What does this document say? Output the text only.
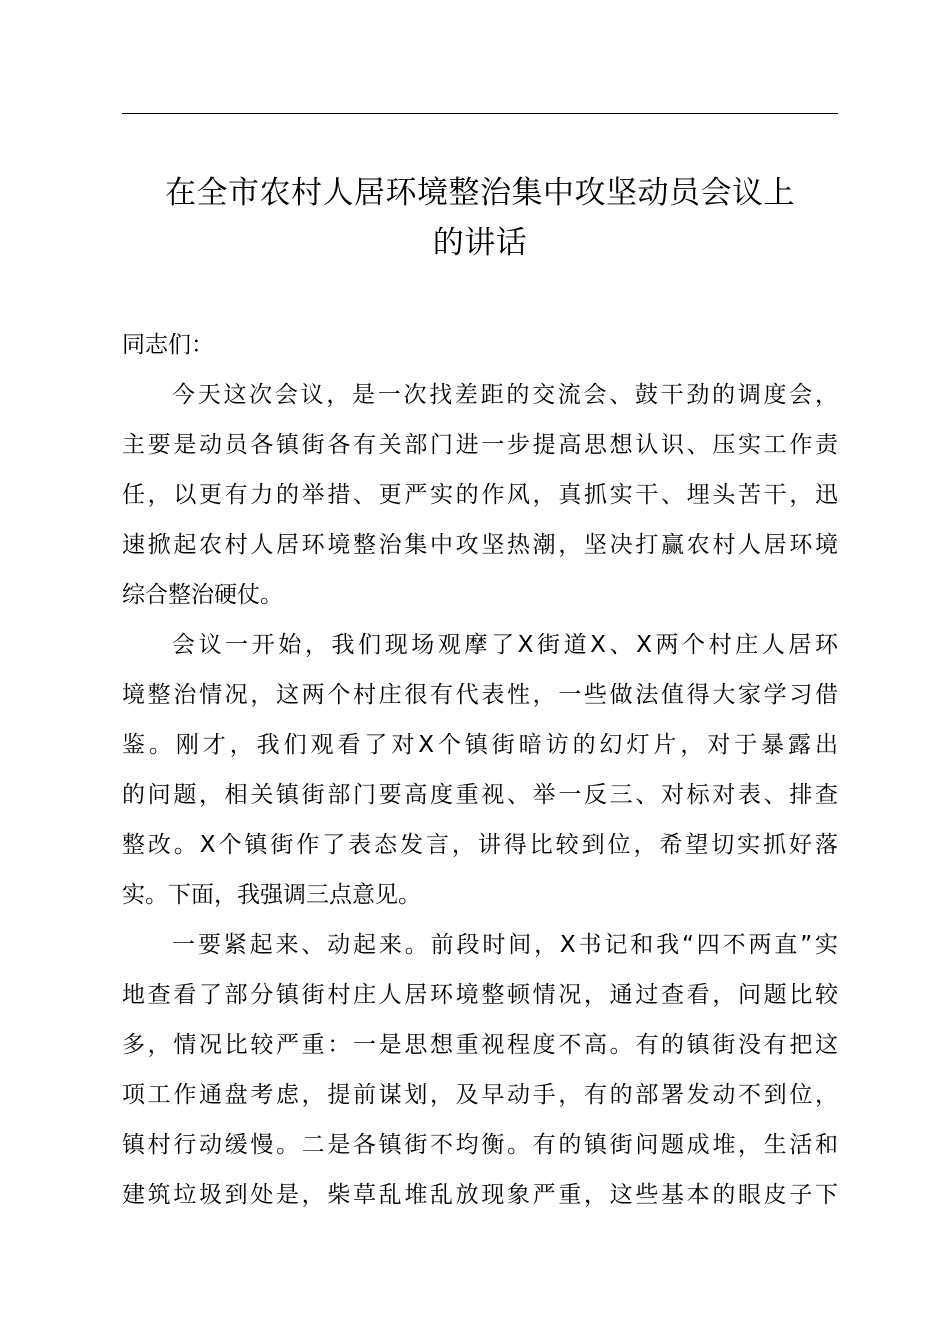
在全市农村人居环境整治集中攻坚动员会议上
的讲话

同志们：

今天这次会议，是一次找差距的交流会、鼓干劲的调度会，
主要是动员各镇街各有关部门进一步提高思想认识、压实工作责
任，以更有力的举措、更严实的作风，真抓实干、埋头苦干，迅
速掀起农村人居环境整治集中攻坚热潮，坚决打赢农村人居环境
综合整治硬仗。

会议一开始，我们现场观摩了X街道X、X两个村庄人居环
境整治情况，这两个村庄很有代表性，一些做法值得大家学习借
鉴。刚才，我们观看了对X个镇街暗访的幻灯片，对于暴露出
的问题，相关镇街部门要高度重视、举一反三、对标对表、排查
整改。X个镇街作了表态发言，讲得比较到位，希望切实抓好落
实。下面，我强调三点意见。

一要紧起来、动起来。前段时间，X书记和我“四不两直”实
地查看了部分镇街村庄人居环境整顿情况，通过查看，问题比较
多，情况比较严重：一是思想重视程度不高。有的镇街没有把这
项工作通盘考虑，提前谋划，及早动手，有的部署发动不到位，
镇村行动缓慢。二是各镇街不均衡。有的镇街问题成堆，生活和
建筑垃圾到处是，柴草乱堆乱放现象严重，这些基本的眼皮子下
